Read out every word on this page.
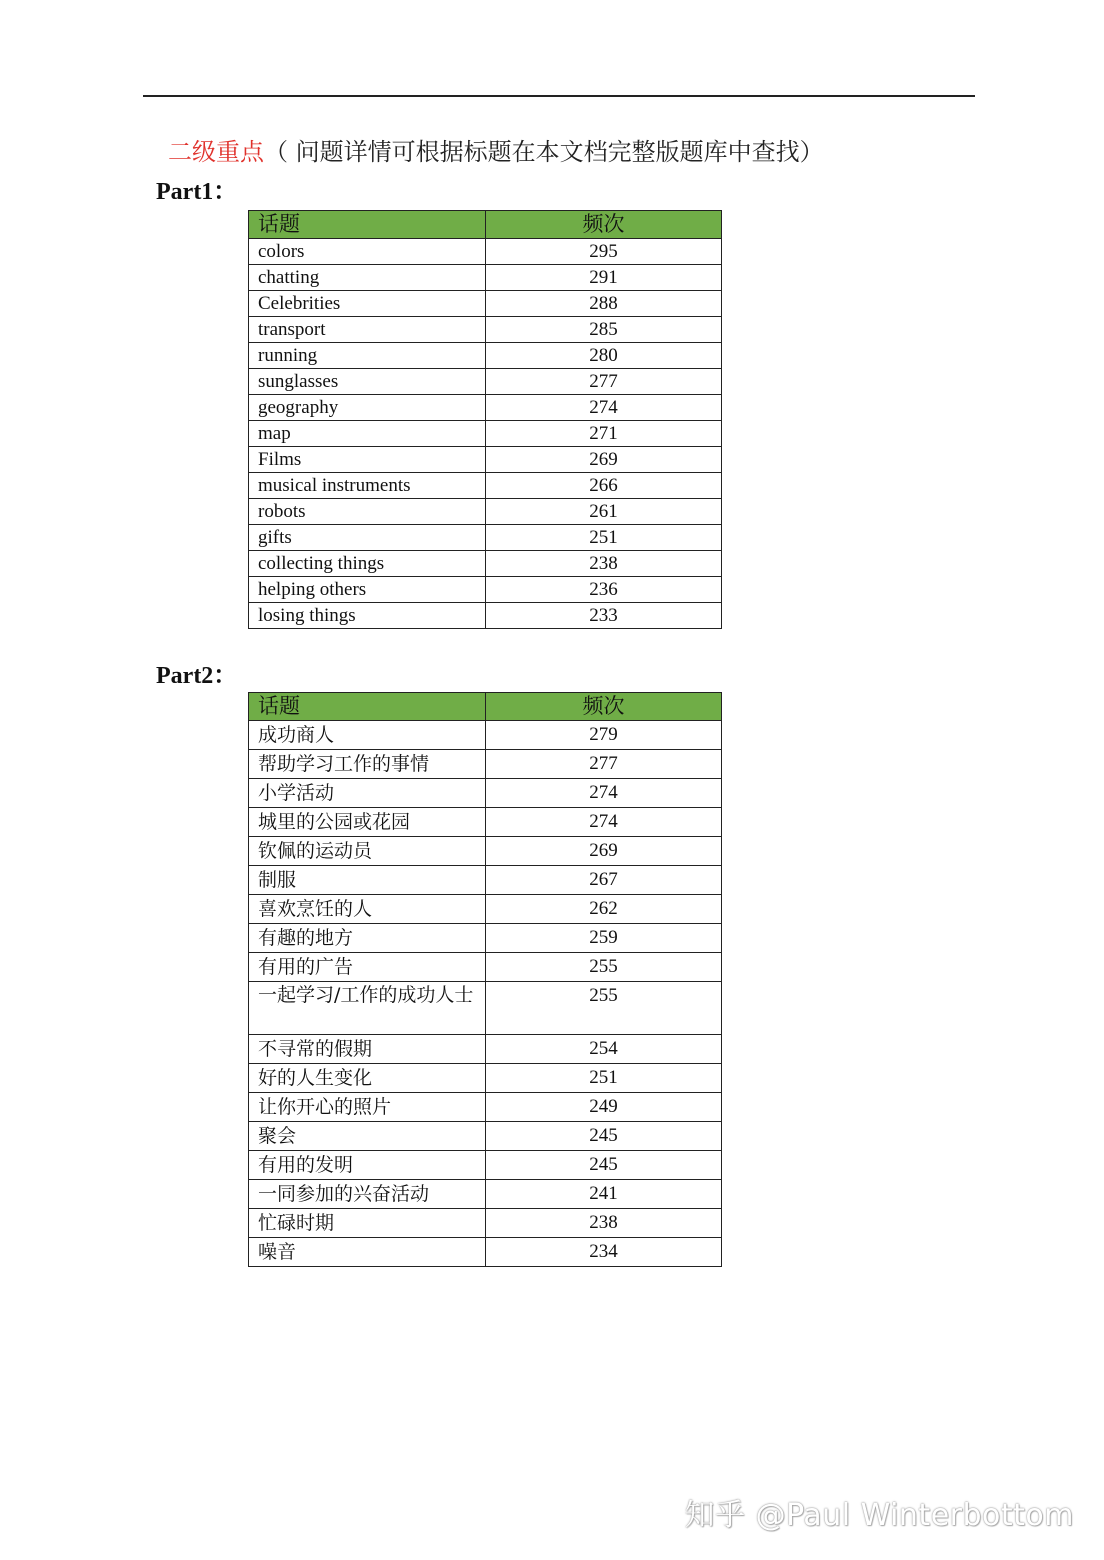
二级重点（ 问题详情可根据标题在本文档完整版题库中查找）
Part1：
话题	频次
colors	295
chatting	291
Celebrities	288
transport	285
running	280
sunglasses	277
geography	274
map	271
Films	269
musical instruments	266
robots	261
gifts	251
collecting things	238
helping others	236
losing things	233
Part2：
话题	频次
成功商人	279
帮助学习工作的事情	277
小学活动	274
城里的公园或花园	274
钦佩的运动员	269
制服	267
喜欢烹饪的人	262
有趣的地方	259
有用的广告	255
一起学习/工作的成功人士	255
不寻常的假期	254
好的人生变化	251
让你开心的照片	249
聚会	245
有用的发明	245
一同参加的兴奋活动	241
忙碌时期	238
噪音	234
知乎 @Paul Winterbottom
